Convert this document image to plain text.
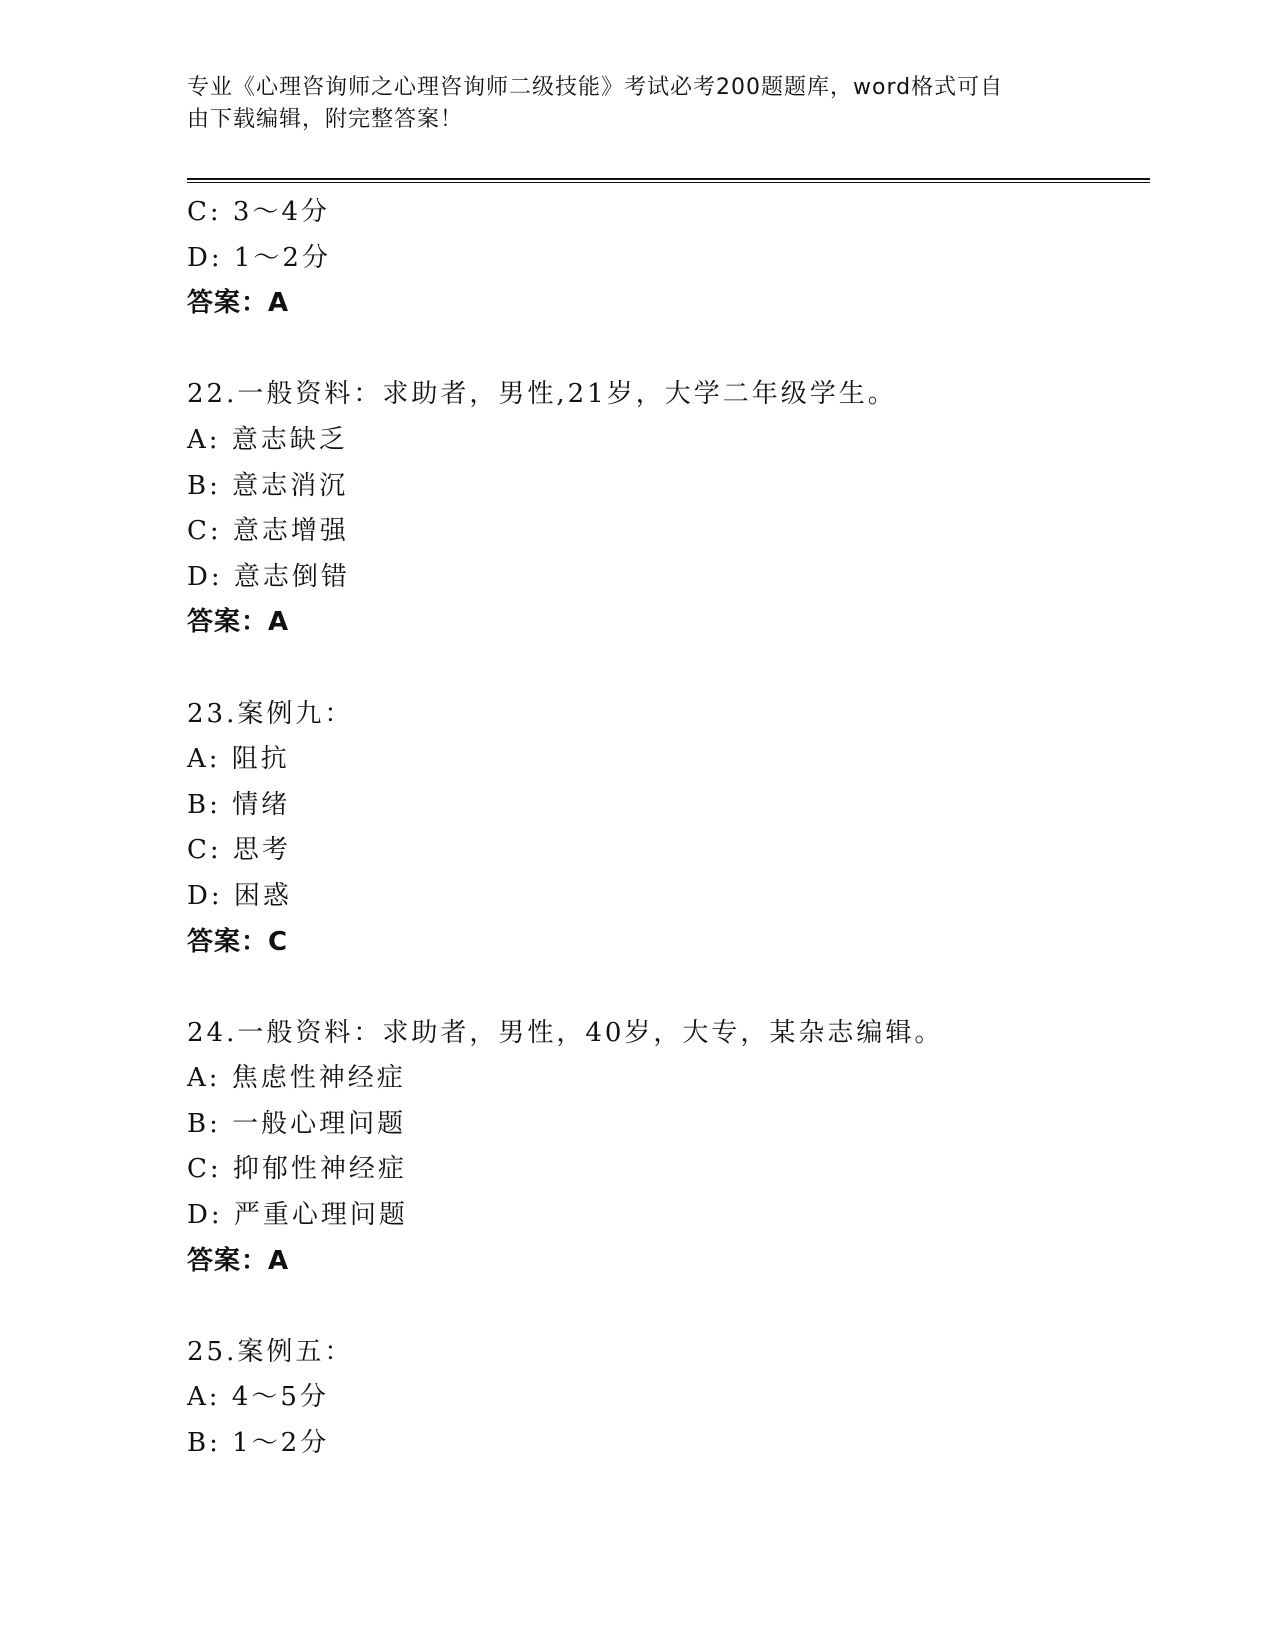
专业《心理咨询师之心理咨询师二级技能》考试必考200题题库，word格式可自
由下载编辑，附完整答案！
C: 3～4分
D: 1～2分
答案：A
22.一般资料：求助者，男性,21岁，大学二年级学生。
A: 意志缺乏
B: 意志消沉
C: 意志增强
D: 意志倒错
答案：A
23.案例九：
A: 阻抗
B: 情绪
C: 思考
D: 困惑
答案：C
24.一般资料：求助者，男性，40岁，大专，某杂志编辑。
A: 焦虑性神经症
B: 一般心理问题
C: 抑郁性神经症
D: 严重心理问题
答案：A
25.案例五：
A: 4～5分
B: 1～2分
